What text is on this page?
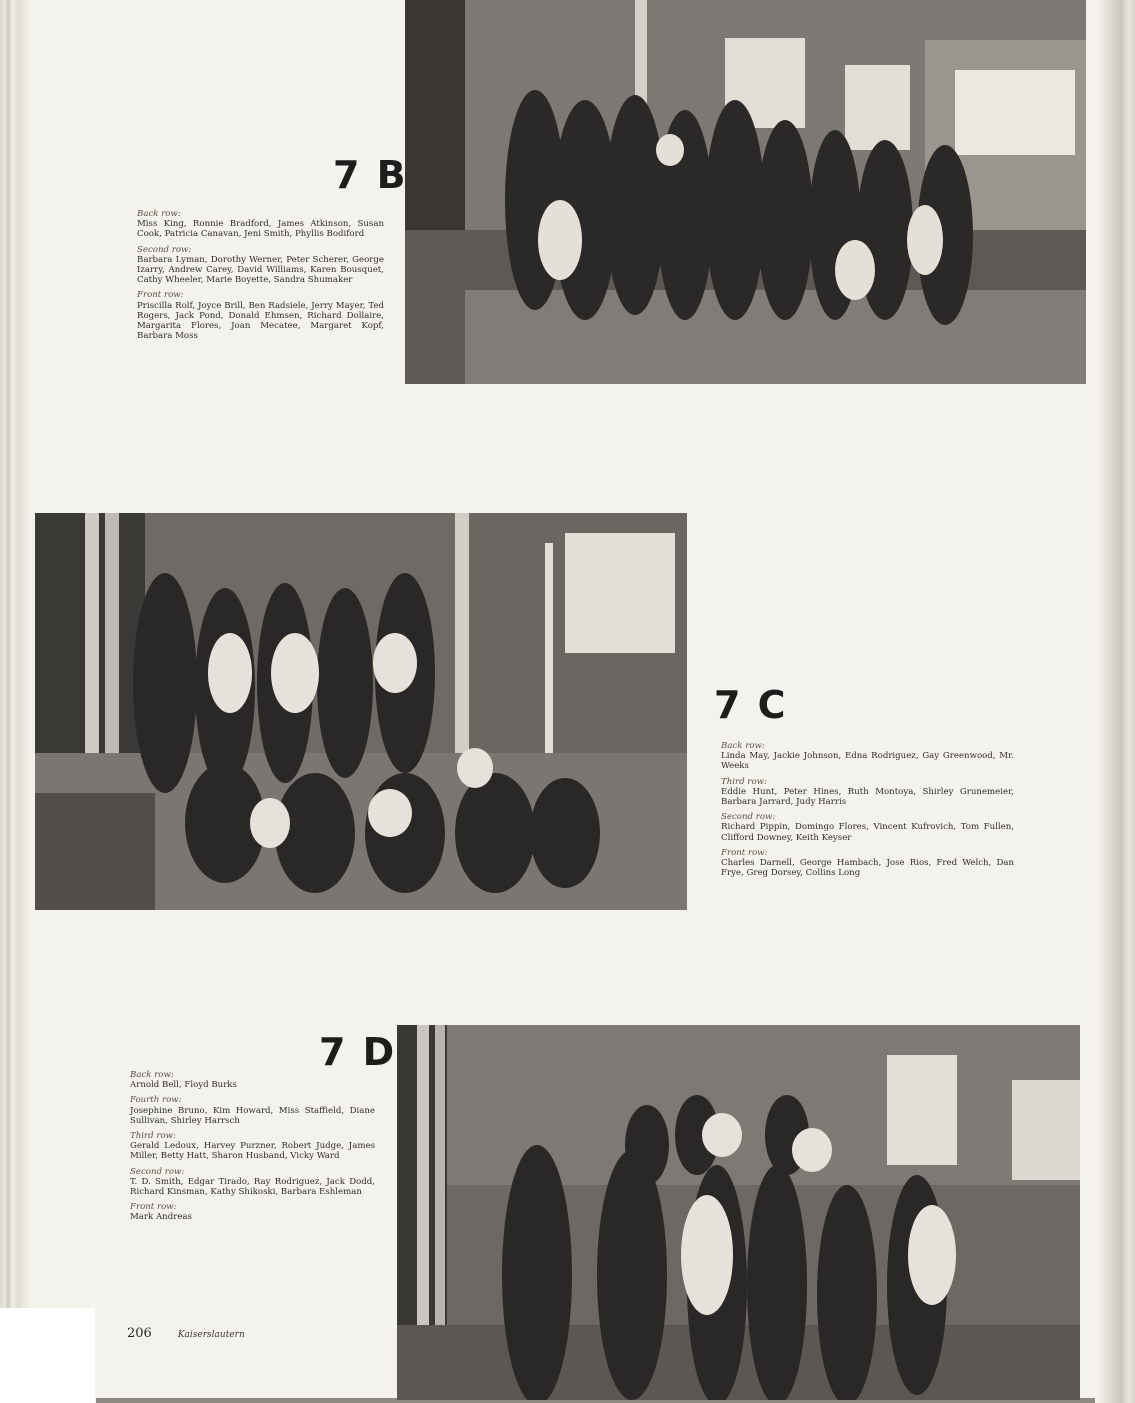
7 B
Back row:
Miss King, Ronnie Bradford, James Atkinson, Susan Cook, Patricia Canavan, Jeni Smith, Phyllis Bodiford
Second row:
Barbara Lyman, Dorothy Werner, Peter Scherer, George Izarry, Andrew Carey, David Williams, Karen Bousquet, Cathy Wheeler, Marie Boyette, Sandra Shumaker
Front row:
Priscilla Rolf, Joyce Brill, Ben Radsiele, Jerry Mayer, Ted Rogers, Jack Pond, Donald Ehmsen, Richard Dollaire, Margarita Flores, Joan Mecatee, Margaret Kopf, Barbara Moss
7 C
Back row:
Linda May, Jackie Johnson, Edna Rodriguez, Gay Greenwood, Mr. Weeks
Third row:
Eddie Hunt, Peter Hines, Ruth Montoya, Shirley Grunemeier, Barbara Jarrard, Judy Harris
Second row:
Richard Pippin, Domingo Flores, Vincent Kufrovich, Tom Fullen, Clifford Downey, Keith Keyser
Front row:
Charles Darnell, George Hambach, Jose Rios, Fred Welch, Dan Frye, Greg Dorsey, Collins Long
7 D
Back row:
Arnold Bell, Floyd Burks
Fourth row:
Josephine Bruno, Kim Howard, Miss Staffield, Diane Sullivan, Shirley Harrsch
Third row:
Gerald Ledoux, Harvey Purzner, Robert Judge, James Miller, Betty Hatt, Sharon Husband, Vicky Ward
Second row:
T. D. Smith, Edgar Tirado, Ray Rodriguez, Jack Dodd, Richard Kinsman, Kathy Shikoski, Barbara Eshleman
Front row:
Mark Andreas
206	Kaiserslautern
